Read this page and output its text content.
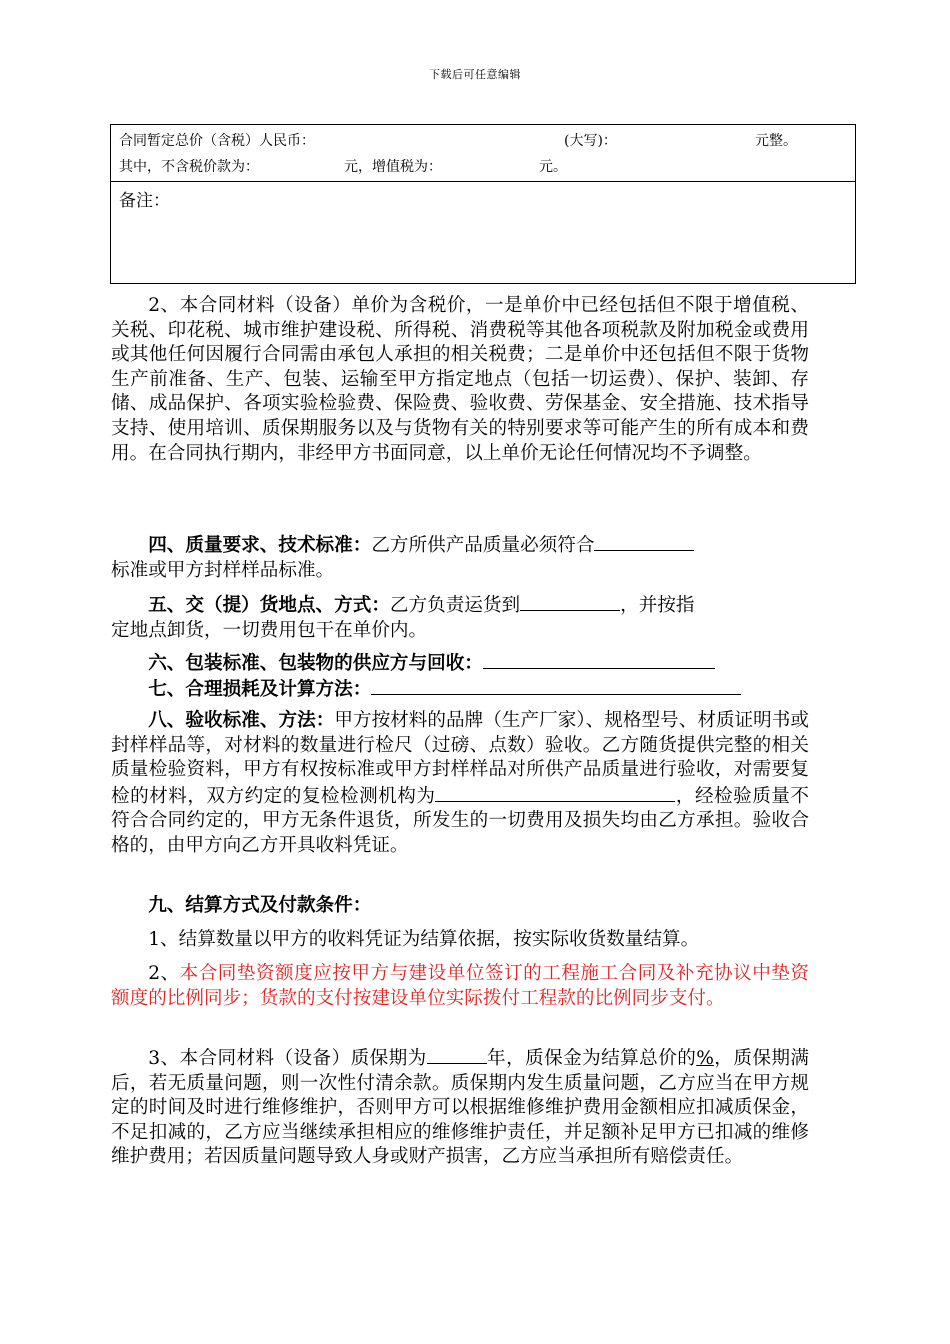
下载后可任意编辑
合同暂定总价（含税）人民币：	(大写)：	元整。
其中，不含税价款为：	元，增值税为：	元。
备注：

2、本合同材料（设备）单价为含税价，一是单价中已经包括但不限于增值税、关税、印花税、城市维护建设税、所得税、消费税等其他各项税款及附加税金或费用或其他任何因履行合同需由承包人承担的相关税费；二是单价中还包括但不限于货物生产前准备、生产、包装、运输至甲方指定地点（包括一切运费）、保护、装卸、存储、成品保护、各项实验检验费、保险费、验收费、劳保基金、安全措施、技术指导支持、使用培训、质保期服务以及与货物有关的特别要求等可能产生的所有成本和费用。在合同执行期内，非经甲方书面同意，以上单价无论任何情况均不予调整。

四、质量要求、技术标准：乙方所供产品质量必须符合
标准或甲方封样样品标准。

五、交（提）货地点、方式：乙方负责运货到	，并按指
定地点卸货，一切费用包干在单价内。

六、包装标准、包装物的供应方与回收：

七、合理损耗及计算方法：

八、验收标准、方法：甲方按材料的品牌（生产厂家）、规格型号、材质证明书或封样样品等，对材料的数量进行检尺（过磅、点数）验收。乙方随货提供完整的相关质量检验资料，甲方有权按标准或甲方封样样品对所供产品质量进行验收，对需要复检的材料，双方约定的复检检测机构为	，经检验质量不符合合同约定的，甲方无条件退货，所发生的一切费用及损失均由乙方承担。验收合格的，由甲方向乙方开具收料凭证。

九、结算方式及付款条件：

1、结算数量以甲方的收料凭证为结算依据，按实际收货数量结算。

2、本合同垫资额度应按甲方与建设单位签订的工程施工合同及补充协议中垫资额度的比例同步；货款的支付按建设单位实际拨付工程款的比例同步支付。

3、本合同材料（设备）质保期为	年，质保金为结算总价的%，质保期满后，若无质量问题，则一次性付清余款。质保期内发生质量问题，乙方应当在甲方规定的时间及时进行维修维护，否则甲方可以根据维修维护费用金额相应扣减质保金，不足扣减的，乙方应当继续承担相应的维修维护责任，并足额补足甲方已扣减的维修维护费用；若因质量问题导致人身或财产损害，乙方应当承担所有赔偿责任。
